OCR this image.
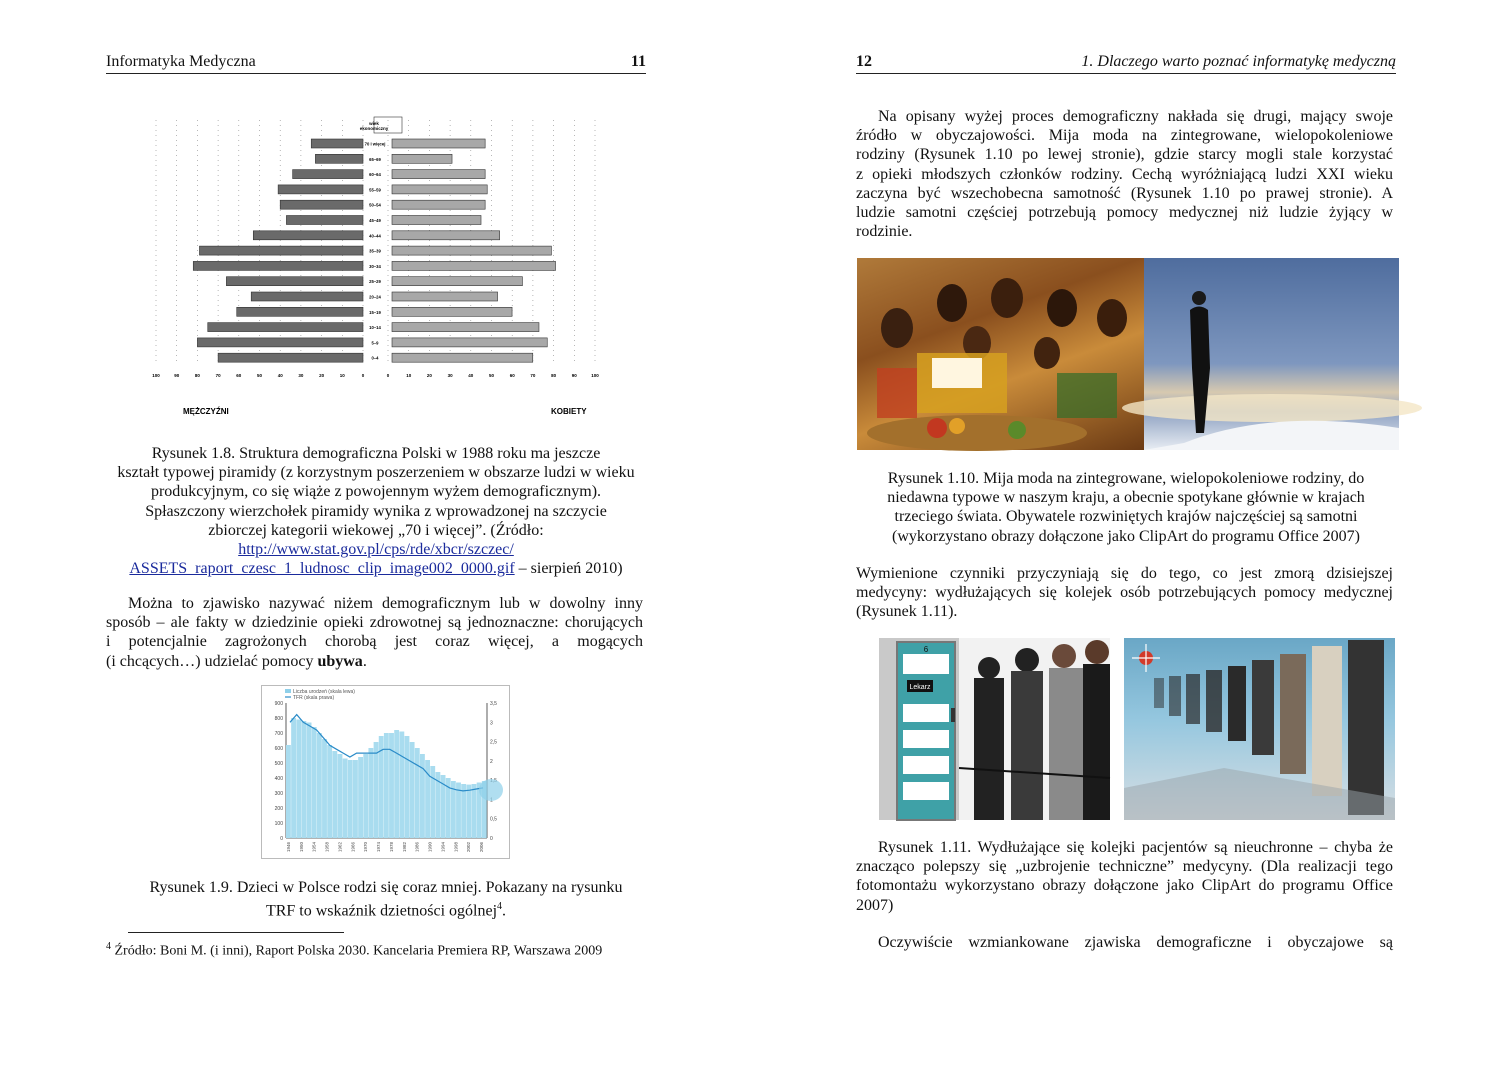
Informatyka Medyczna	11
0	0
10	10
20	20
30	30
40	40
50	50
60	60
70	70
80	80
90	90
100	100
70 i więcej
65–69
60–64
55–59
50–54
45–49
40–44
35–39
30–34
25–29
20–24
15–19
10–14
5–9
0–4
wiek
ekonomiczny
MĘŻCZYŹNI	KOBIETY
Rysunek 1.8. Struktura demograficzna Polski w 1988 roku ma jeszcze
kształt typowej piramidy (z korzystnym poszerzeniem w obszarze ludzi w wieku
produkcyjnym, co się wiąże z powojennym wyżem demograficznym).
Spłaszczony wierzchołek piramidy wynika z wprowadzonej na szczycie
zbiorczej kategorii wiekowej „70 i więcej”. (Źródło:
http://www.stat.gov.pl/cps/rde/xbcr/szczec/
ASSETS_raport_czesc_1_ludnosc_clip_image002_0000.gif – sierpień 2010)
Można to zjawisko nazywać niżem demograficznym lub w dowolny inny
sposób – ale fakty w dziedzinie opieki zdrowotnej są jednoznaczne: chorujących
i potencjalnie zagrożonych chorobą jest coraz więcej, a mogących
(i chcących…) udzielać pomocy ubywa.
Liczba urodzeń (skala lewa)
TFR (skala prawa)
900
800
700
600
500
400
300
200
100
0
3,5
3
2,5
2
0,5
0
1946 1950 1954 1958 1962 1966 1970 1974 1978 1982 1986 1990 1994 1998 2002 2006
Rysunek 1.9. Dzieci w Polsce rodzi się coraz mniej. Pokazany na rysunku
TRF to wskaźnik dzietności ogólnej$^4$.
$^4$ Źródło: Boni M. (i inni), Raport Polska 2030. Kancelaria Premiera RP, Warszawa 2009
12	1. Dlaczego warto poznać informatykę medyczną
Na opisany wyżej proces demograficzny nakłada się drugi, mający swoje
źródło w obyczajowości. Mija moda na zintegrowane, wielopokoleniowe
rodziny (Rysunek 1.10 po lewej stronie), gdzie starcy mogli stale korzystać
z opieki młodszych członków rodziny. Cechą wyróżniającą ludzi XXI wieku
zaczyna być wszechobecna samotność (Rysunek 1.10 po prawej stronie). A
ludzie samotni częściej potrzebują pomocy medycznej niż ludzie żyjący w
rodzinie.
Rysunek 1.10. Mija moda na zintegrowane, wielopokoleniowe rodziny, do
niedawna typowe w naszym kraju, a obecnie spotykane głównie w krajach
trzeciego świata. Obywatele rozwiniętych krajów najczęściej są samotni
(wykorzystano obrazy dołączone jako ClipArt do programu Office 2007)
Wymienione czynniki przyczyniają się do tego, co jest zmorą dzisiejszej
medycyny: wydłużających się kolejek osób potrzebujących pomocy medycznej
(Rysunek 1.11).
Lekarz
6
Rysunek 1.11. Wydłużające się kolejki pacjentów są nieuchronne – chyba że
znacząco polepszy się „uzbrojenie techniczne” medycyny. (Dla realizacji tego
fotomontażu wykorzystano obrazy dołączone jako ClipArt do programu Office
2007)
Oczywiście wzmiankowane zjawiska demograficzne i obyczajowe są
